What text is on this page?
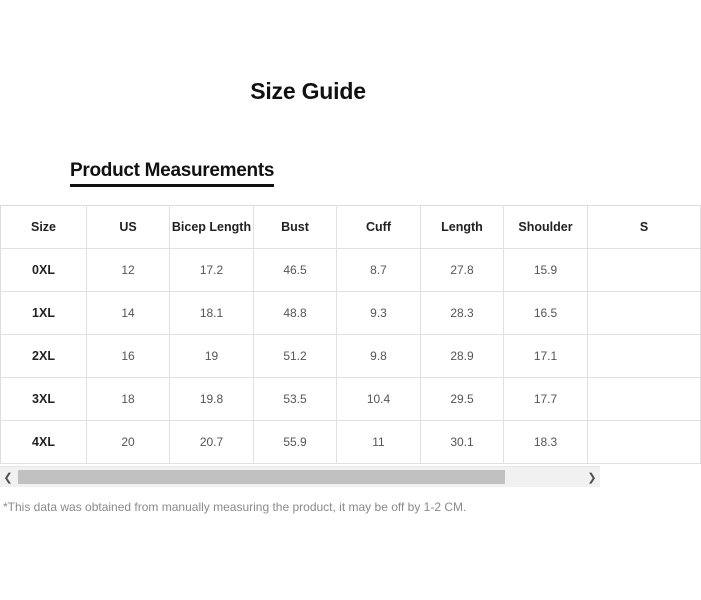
Size Guide
Product Measurements
Size	US	Bicep Length	Bust	Cuff	Length	Shoulder	S
0XL	12	17.2	46.5	8.7	27.8	15.9	
1XL	14	18.1	48.8	9.3	28.3	16.5	
2XL	16	19	51.2	9.8	28.9	17.1	
3XL	18	19.8	53.5	10.4	29.5	17.7	
4XL	20	20.7	55.9	11	30.1	18.3	
❮	❯
*This data was obtained from manually measuring the product, it may be off by 1-2 CM.
